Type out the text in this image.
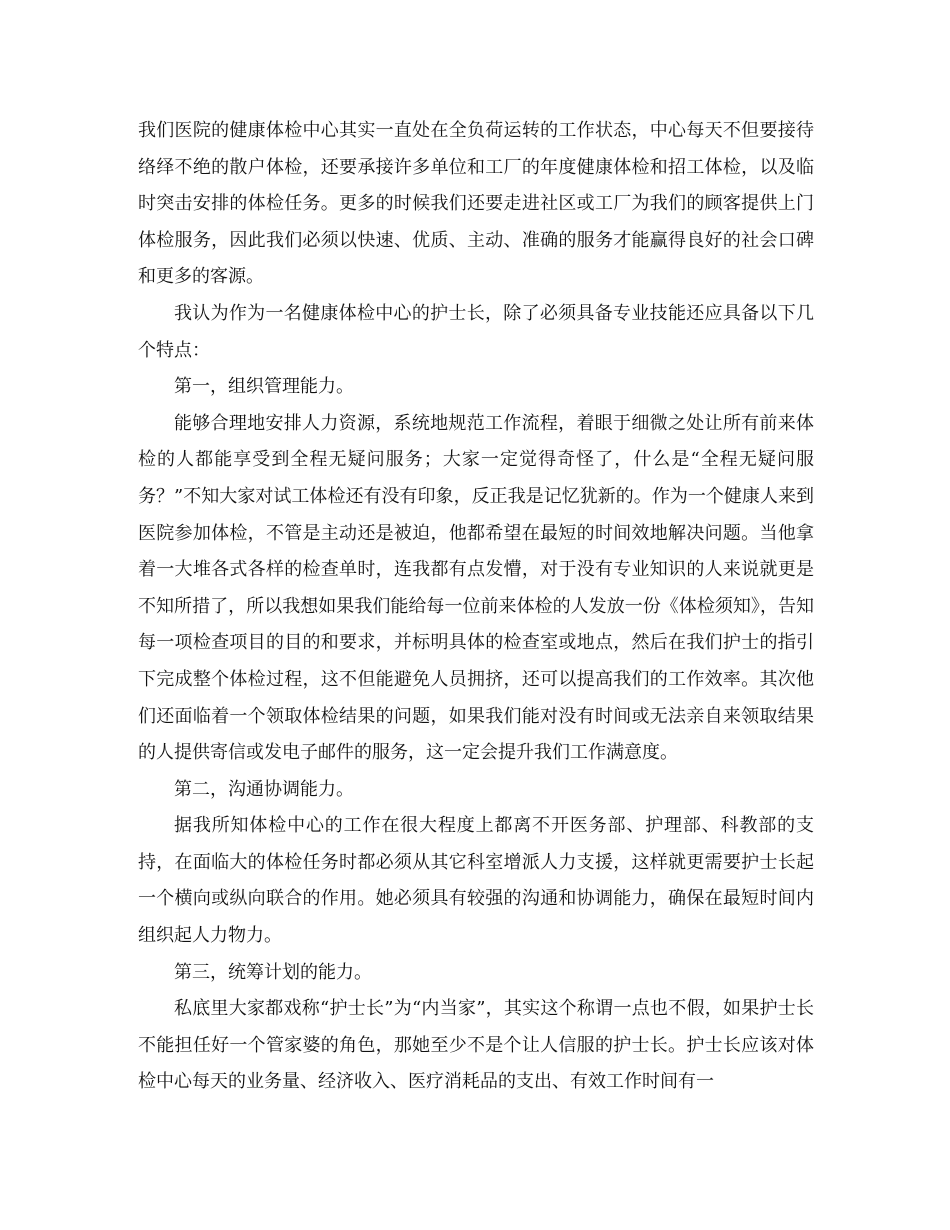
我们医院的健康体检中心其实一直处在全负荷运转的工作状态，中心每天不但要接待络绎不绝的散户体检，还要承接许多单位和工厂的年度健康体检和招工体检，以及临时突击安排的体检任务。更多的时候我们还要走进社区或工厂为我们的顾客提供上门体检服务，因此我们必须以快速、优质、主动、准确的服务才能赢得良好的社会口碑和更多的客源。

我认为作为一名健康体检中心的护士长，除了必须具备专业技能还应具备以下几个特点：

第一，组织管理能力。

能够合理地安排人力资源，系统地规范工作流程，着眼于细微之处让所有前来体检的人都能享受到全程无疑问服务；大家一定觉得奇怪了，什么是“全程无疑问服务？”不知大家对试工体检还有没有印象，反正我是记忆犹新的。作为一个健康人来到医院参加体检，不管是主动还是被迫，他都希望在最短的时间效地解决问题。当他拿着一大堆各式各样的检查单时，连我都有点发懵，对于没有专业知识的人来说就更是不知所措了，所以我想如果我们能给每一位前来体检的人发放一份《体检须知》，告知每一项检查项目的目的和要求，并标明具体的检查室或地点，然后在我们护士的指引下完成整个体检过程，这不但能避免人员拥挤，还可以提高我们的工作效率。其次他们还面临着一个领取体检结果的问题，如果我们能对没有时间或无法亲自来领取结果的人提供寄信或发电子邮件的服务，这一定会提升我们工作满意度。

第二，沟通协调能力。

据我所知体检中心的工作在很大程度上都离不开医务部、护理部、科教部的支持，在面临大的体检任务时都必须从其它科室增派人力支援，这样就更需要护士长起一个横向或纵向联合的作用。她必须具有较强的沟通和协调能力，确保在最短时间内组织起人力物力。

第三，统筹计划的能力。

私底里大家都戏称“护士长”为“内当家”，其实这个称谓一点也不假，如果护士长不能担任好一个管家婆的角色，那她至少不是个让人信服的护士长。护士长应该对体检中心每天的业务量、经济收入、医疗消耗品的支出、有效工作时间有一
